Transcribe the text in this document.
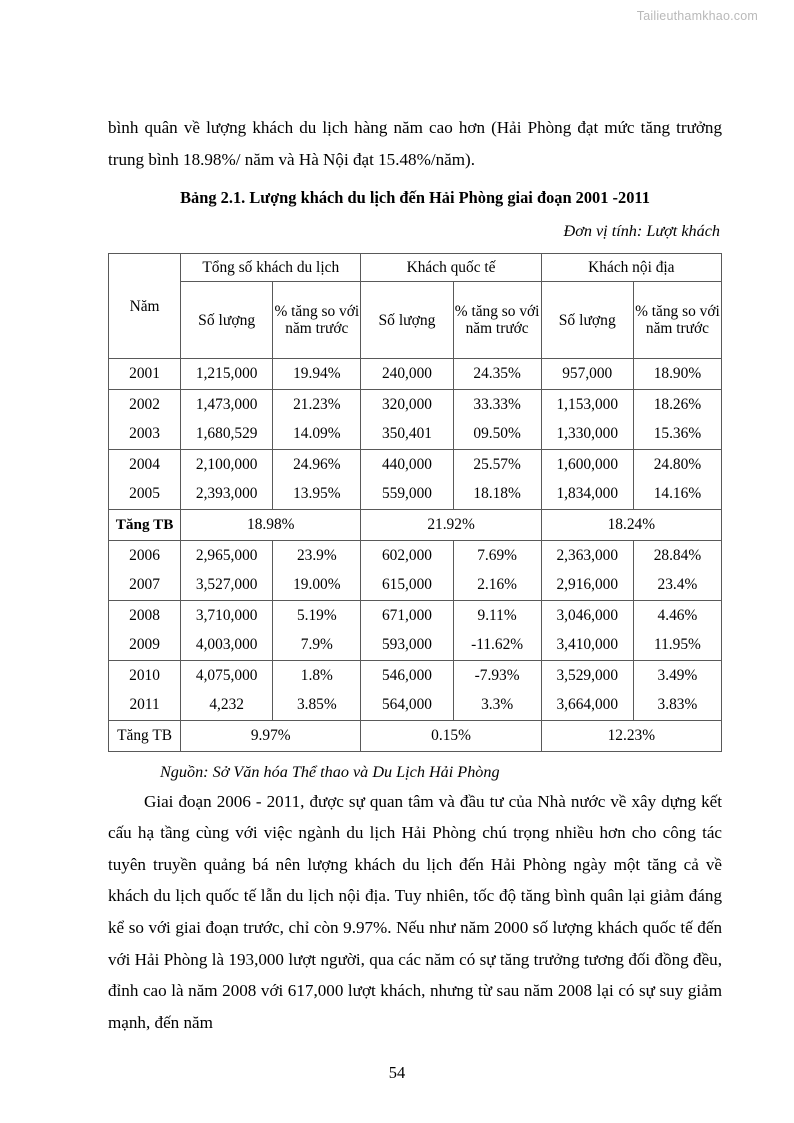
Tailieuthamkhao.com

bình quân về lượng khách du lịch hàng năm cao hơn (Hải Phòng đạt mức tăng trưởng trung bình 18.98%/ năm và Hà Nội đạt 15.48%/năm).

Bảng 2.1. Lượng khách du lịch đến Hải Phòng giai đoạn 2001 -2011

Đơn vị tính: Lượt khách

Năm	Tổng số khách du lịch		Khách quốc tế		Khách nội địa	
	Số lượng	% tăng so với năm trước	Số lượng	% tăng so với năm trước	Số lượng	% tăng so với năm trước
2001	1,215,000	19.94%	240,000	24.35%	957,000	18.90%
2002	1,473,000	21.23%	320,000	33.33%	1,153,000	18.26%
2003	1,680,529	14.09%	350,401	09.50%	1,330,000	15.36%
2004	2,100,000	24.96%	440,000	25.57%	1,600,000	24.80%
2005	2,393,000	13.95%	559,000	18.18%	1,834,000	14.16%
Tăng TB	18.98%		21.92%		18.24%	
2006	2,965,000	23.9%	602,000	7.69%	2,363,000	28.84%
2007	3,527,000	19.00%	615,000	2.16%	2,916,000	23.4%
2008	3,710,000	5.19%	671,000	9.11%	3,046,000	4.46%
2009	4,003,000	7.9%	593,000	-11.62%	3,410,000	11.95%
2010	4,075,000	1.8%	546,000	-7.93%	3,529,000	3.49%
2011	4,232	3.85%	564,000	3.3%	3,664,000	3.83%
Tăng TB	9.97%		0.15%		12.23%	

Nguồn: Sở Văn hóa Thể thao và Du Lịch Hải Phòng

Giai đoạn 2006 - 2011, được sự quan tâm và đầu tư của Nhà nước về xây dựng kết cấu hạ tầng cùng với việc ngành du lịch Hải Phòng chú trọng nhiều hơn cho công tác tuyên truyền quảng bá nên lượng khách du lịch đến Hải Phòng ngày một tăng cả về khách du lịch quốc tế lẫn du lịch nội địa. Tuy nhiên, tốc độ tăng bình quân lại giảm đáng kể so với giai đoạn trước, chỉ còn 9.97%. Nếu như năm 2000 số lượng khách quốc tế đến với Hải Phòng là 193,000 lượt người, qua các năm có sự tăng trưởng tương đối đồng đều, đỉnh cao là năm 2008 với 617,000 lượt khách, nhưng từ sau năm 2008 lại có sự suy giảm mạnh, đến năm

54
